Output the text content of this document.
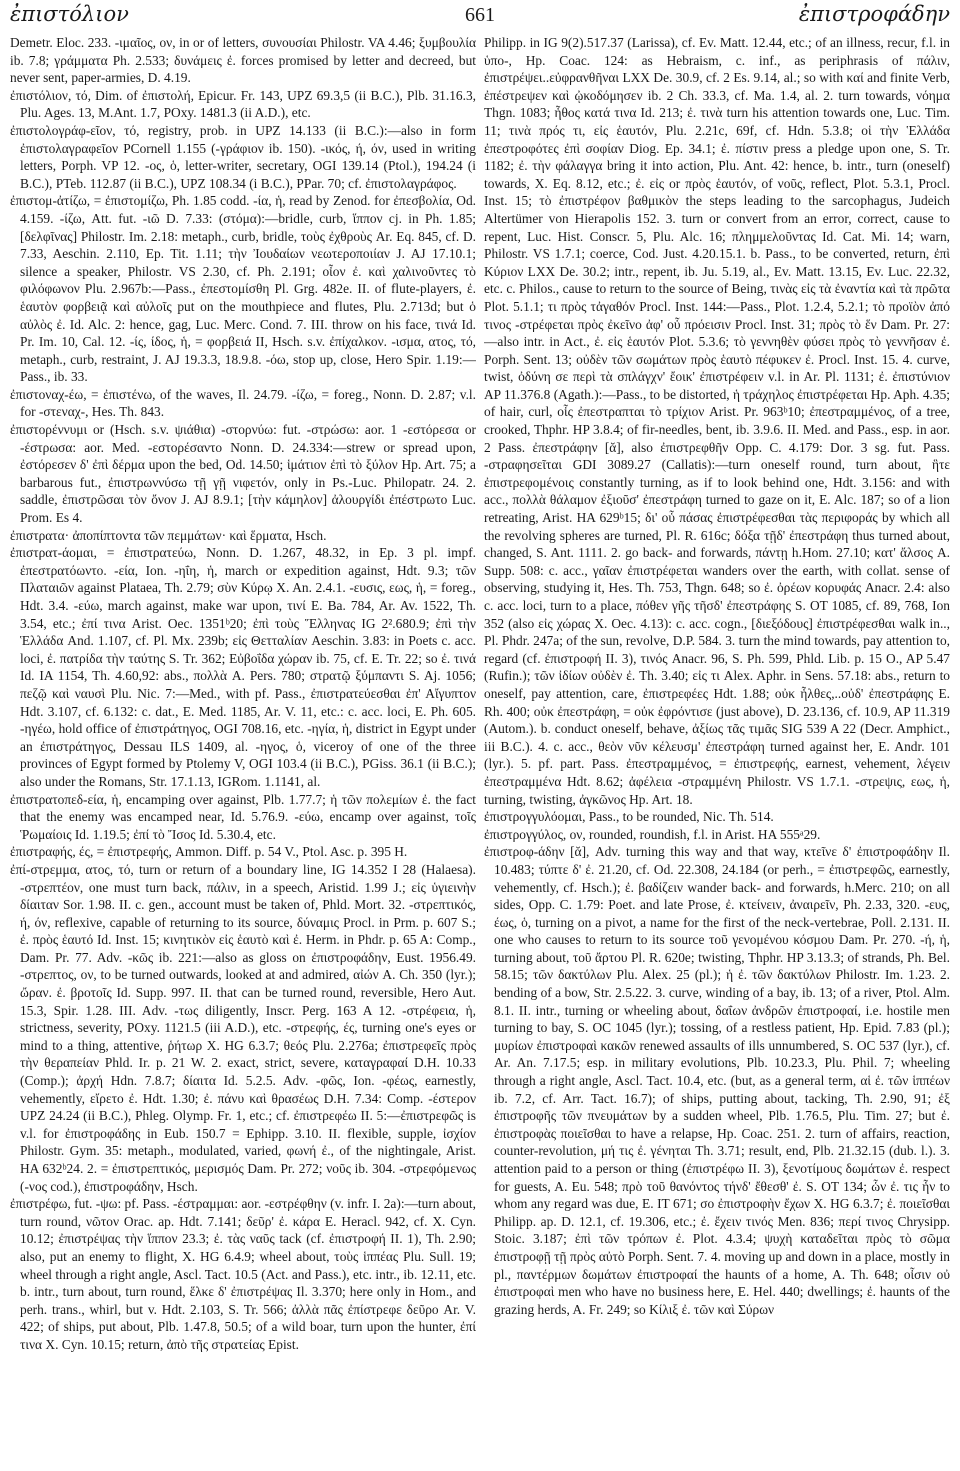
ἐπιστόλιον	661	ἐπιστροφάδην

Demetr. Eloc. 233. -ιμαῖος, ον, in or of letters, συνουσίαι Philostr. VA 4.46; ξυμβουλία ib. 7.8; γράμματα Ph. 2.533; δυνάμεις ἐ. forces promised by letter and decreed, but never sent, paper-armies, D. 4.19.

ἐπιστόλιον, τό, Dim. of ἐπιστολή, Epicur. Fr. 143, UPZ 69.3,5 (ii B.C.), Plb. 31.16.3, Plu. Ages. 13, M.Ant. 1.7, POxy. 1481.3 (ii A.D.), etc.

ἐπιστολογράφ-εῖον, τό, registry, prob. in UPZ 14.133 (ii B.C.):—also in form ἐπιστολαγραφεῖον PCornell 1.155 (-γράφιον ib. 150). -ικός, ή, όν, used in writing letters, Porph. VP 12. -ος, ὁ, letter-writer, secretary, OGI 139.14 (Ptol.), 194.24 (i B.C.), PTeb. 112.87 (ii B.C.), UPZ 108.34 (i B.C.), PPar. 70; cf. ἐπιστολαγράφος.

ἐπιστομ-ἀτίζω, = ἐπιστομίζω, Ph. 1.85 codd. -ία, ἡ, read by Zenod. for ἐπεσβολία, Od. 4.159. -ίζω, Att. fut. -ιῶ D. 7.33: (στόμα):—bridle, curb, ἵππον cj. in Ph. 1.85; [δελφῖνας] Philostr. Im. 2.18: metaph., curb, bridle, τοὺς ἐχθροὺς Ar. Eq. 845, cf. D. 7.33, Aeschin. 2.110, Ep. Tit. 1.11; τὴν Ἰουδαίων νεωτεροποιίαν J. AJ 17.10.1; silence a speaker, Philostr. VS 2.30, cf. Ph. 2.191; οἶον ἐ. καὶ χαλινοῦντες τὸ φιλόφωνον Plu. 2.967b:—Pass., ἐπεστομίσθη Pl. Grg. 482e. II. of flute-players, ἐ. ἑαυτὸν φορβειᾷ καὶ αὐλοῖς put on the mouthpiece and flutes, Plu. 2.713d; but ὁ αὐλὸς ἐ. Id. Alc. 2: hence, gag, Luc. Merc. Cond. 7. III. throw on his face, τινά Id. Pr. Im. 10, Cal. 12. -ίς, ίδος, ἡ, = φορβειά II, Hsch. s.v. ἐπίχαλκον. -ισμα, ατος, τό, metaph., curb, restraint, J. AJ 19.3.3, 18.9.8. -όω, stop up, close, Hero Spir. 1.19:—Pass., ib. 33.

ἐπιστοναχ-έω, = ἐπιστένω, of the waves, Il. 24.79. -ίζω, = foreg., Nonn. D. 2.87; v.l. for -στεναχ-, Hes. Th. 843.

ἐπιστορέννυμι or (Hsch. s.v. ψιάθια) -στορνύω: fut. -στρώσω: aor. 1 -εστόρεσα or -έστρωσα: aor. Med. -εστορέσαντο Nonn. D. 24.334:—strew or spread upon, ἐστόρεσεν δ' ἐπὶ δέρμα upon the bed, Od. 14.50; ἱμάτιον ἐπὶ τὸ ξύλον Hp. Art. 75; a barbarous fut., ἐπιστρωννύσω τῇ γῇ νιφετόν, only in Ps.-Luc. Philopatr. 24. 2. saddle, ἐπιστρῶσαι τὸν ὄνον J. AJ 8.9.1; [τὴν κάμηλον] ἀλουργίδι ἐπέστρωτο Luc. Prom. Es 4.

ἐπιστρατα· ἀποπίπτοντα τῶν πεμμάτων· καὶ ἕρματα, Hsch.

ἐπιστρατ-άομαι, = ἐπιστρατεύω, Nonn. D. 1.267, 48.32, in Ep. 3 pl. impf. ἐπεστρατόωντο. -εία, Ion. -ηΐη, ἡ, march or expedition against, Hdt. 9.3; τῶν Πλαταιῶν against Plataea, Th. 2.79; σὺν Κύρῳ X. An. 2.4.1. -ευσις, εως, ἡ, = foreg., Hdt. 3.4. -εύω, march against, make war upon, τινί E. Ba. 784, Ar. Av. 1522, Th. 3.54, etc.; ἐπί τινα Arist. Oec. 1351ᵇ20; ἐπὶ τοὺς Ἕλληνας IG 2².680.9; ἐπὶ τὴν Ἑλλάδα And. 1.107, cf. Pl. Mx. 239b; εἰς Θετταλίαν Aeschin. 3.83: in Poets c. acc. loci, ἐ. πατρίδα τὴν ταύτης S. Tr. 362; Εὐβοΐδα χώραν ib. 75, cf. E. Tr. 22; so ἐ. τινά Id. IA 1154, Th. 4.60,92: abs., πολλὰ A. Pers. 780; στρατῷ ξύμπαντι S. Aj. 1056; πεζῷ καὶ ναυσὶ Plu. Nic. 7:—Med., with pf. Pass., ἐπιστρατεύεσθαι ἐπ' Αἴγυπτον Hdt. 3.107, cf. 6.132: c. dat., E. Med. 1185, Ar. V. 11, etc.: c. acc. loci, E. Ph. 605. -ηγέω, hold office of ἐπιστράτηγος, OGI 708.16, etc. -ηγία, ἡ, district in Egypt under an ἐπιστράτηγος, Dessau ILS 1409, al. -ηγος, ὁ, viceroy of one of the three provinces of Egypt formed by Ptolemy V, OGI 103.4 (ii B.C.), PGiss. 36.1 (ii B.C.); also under the Romans, Str. 17.1.13, IGRom. 1.1141, al.

ἐπιστρατοπεδ-εία, ἡ, encamping over against, Plb. 1.77.7; ἡ τῶν πολεμίων ἐ. the fact that the enemy was encamped near, Id. 5.76.9. -εύω, encamp over against, τοῖς Ῥωμαίοις Id. 1.19.5; ἐπί τὸ Ἴσος Id. 5.30.4, etc.

ἐπιστραφής, ές, = ἐπιστρεφής, Ammon. Diff. p. 54 V., Ptol. Asc. p. 395 H.

ἐπί-στρεμμα, ατος, τό, turn or return of a boundary line, IG 14.352 I 28 (Halaesa). -στρεπτέον, one must turn back, πάλιν, in a speech, Aristid. 1.99 J.; εἰς ὑγιεινὴν δίαιταν Sor. 1.98. II. c. gen., account must be taken of, Phld. Mort. 32. -στρεπτικός, ή, όν, reflexive, capable of returning to its source, δύναμις Procl. in Prm. p. 607 S.; ἐ. πρὸς ἑαυτό Id. Inst. 15; κινητικὸν εἰς ἑαυτὸ καὶ ἐ. Herm. in Phdr. p. 65 A: Comp., Dam. Pr. 77. Adv. -κῶς ib. 221:—also as gloss on ἐπιστροφάδην, Eust. 1956.49. -στρεπτος, ον, to be turned outwards, looked at and admired, αἰών A. Ch. 350 (lyr.); ὤραν. ἐ. βροτοῖς Id. Supp. 997. II. that can be turned round, reversible, Hero Aut. 15.3, Spir. 1.28. III. Adv. -τως diligently, Inscr. Perg. 163 A 12. -στρέφεια, ἡ, strictness, severity, POxy. 1121.5 (iii A.D.), etc. -στρεφής, ές, turning one's eyes or mind to a thing, attentive, ῥήτωρ X. HG 6.3.7; θεός Plu. 2.276a; ἐπιστρεφεῖς πρὸς τὴν θεραπείαν Phld. Ir. p. 21 W. 2. exact, strict, severe, καταγραφαί D.H. 10.33 (Comp.); ἀρχή Hdn. 7.8.7; δίαιτα Id. 5.2.5. Adv. -φῶς, Ion. -φέως, earnestly, vehemently, εἴρετο ἐ. Hdt. 1.30; ἐ. πάνυ καὶ θρασέως D.H. 7.34: Comp. -έστερον UPZ 24.24 (ii B.C.), Phleg. Olymp. Fr. 1, etc.; cf. ἐπιστρεφέω II. 5:—ἐπιστρεφῶς is v.l. for ἐπιστροφάδης in Eub. 150.7 = Ephipp. 3.10. II. flexible, supple, ἰσχίον Philostr. Gym. 35: metaph., modulated, varied, φωνή ἐ., of the nightingale, Arist. HA 632ᵇ24. 2. = ἐπιστρεπτικός, μερισμός Dam. Pr. 272; νοῦς ib. 304. -στρεφόμενως (-νος cod.), ἐπιστροφάδην, Hsch.

ἐπιστρέφω, fut. -ψω: pf. Pass. -έστραμμαι: aor. -εστρέφθην (v. infr. I. 2a):—turn about, turn round, νῶτον Orac. ap. Hdt. 7.141; δεῦρ' ἐ. κάρα E. Heracl. 942, cf. X. Cyn. 10.12; ἐπιστρέψας τὴν ἵππον 23.3; ἐ. τὰς ναῦς tack (cf. ἐπιστροφή II. 1), Th. 2.90; also, put an enemy to flight, X. HG 6.4.9; wheel about, τοὺς ἱππέας Plu. Sull. 19; wheel through a right angle, Ascl. Tact. 10.5 (Act. and Pass.), etc. intr., ib. 12.11, etc. b. intr., turn about, turn round, ἕλκε δ' ἐπιστρέψας Il. 3.370; here only in Hom., and perh. trans., whirl, but v. Hdt. 2.103, S. Tr. 566; ἀλλὰ πᾶς ἐπίστρεφε δεῦρο Ar. V. 422; of ships, put about, Plb. 1.47.8, 50.5; of a wild boar, turn upon the hunter, ἐπί τινα X. Cyn. 10.15; return, ἀπὸ τῆς στρατείας Epist.

Philipp. in IG 9(2).517.37 (Larissa), cf. Ev. Matt. 12.44, etc.; of an illness, recur, f.l. in ὑπο-, Hp. Coac. 124: as Hebraism, c. inf., as periphrasis of πάλιν, ἐπιστρέψει..εὐφρανθῆναι LXX De. 30.9, cf. 2 Es. 9.14, al.; so with καί and finite Verb, ἐπέστρεψεν καὶ ᾠκοδόμησεν ib. 2 Ch. 33.3, cf. Ma. 1.4, al. 2. turn towards, νόημα Thgn. 1083; ἦθος κατά τινα Id. 213; ἐ. τινὰ turn his attention towards one, Luc. Tim. 11; τινὰ πρός τι, εἰς ἑαυτόν, Plu. 2.21c, 69f, cf. Hdn. 5.3.8; οἱ τὴν Ἑλλάδα ἐπεστροφότες ἐπὶ σοφίαν Diog. Ep. 34.1; ἐ. πίστιν press a pledge upon one, S. Tr. 1182; ἐ. τὴν φάλαγγα bring it into action, Plu. Ant. 42: hence, b. intr., turn (oneself) towards, X. Eq. 8.12, etc.; ἐ. εἰς or πρὸς ἑαυτόν, of νοῦς, reflect, Plot. 5.3.1, Procl. Inst. 15; τὸ ἐπιστρέφον βαθμικὸν the steps leading to the sarcophagus, Judeich Altertümer von Hierapolis 152. 3. turn or convert from an error, correct, cause to repent, Luc. Hist. Conscr. 5, Plu. Alc. 16; πλημμελοῦντας Id. Cat. Mi. 14; warn, Philostr. VS 1.7.1; coerce, Cod. Just. 4.20.15.1. b. Pass., to be converted, return, ἐπὶ Κύριον LXX De. 30.2; intr., repent, ib. Ju. 5.19, al., Ev. Matt. 13.15, Ev. Luc. 22.32, etc. c. Philos., cause to return to the source of Being, τινὰς εἰς τὰ ἐναντία καὶ τὰ πρῶτα Plot. 5.1.1; τι πρὸς τἀγαθόν Procl. Inst. 144:—Pass., Plot. 1.2.4, 5.2.1; τὸ προϊὸν ἀπό τινος -στρέφεται πρὸς ἐκεῖνο ἀφ' οὗ πρόεισιν Procl. Inst. 31; πρὸς τὸ ἕν Dam. Pr. 27:—also intr. in Act., ἐ. εἰς ἑαυτόν Plot. 5.3.6; τὸ γεννηθὲν φύσει πρὸς τὸ γεννῆσαν ἐ. Porph. Sent. 13; οὐδὲν τῶν σωμάτων πρὸς ἑαυτὸ πέφυκεν ἐ. Procl. Inst. 15. 4. curve, twist, ὀδύνη σε περὶ τὰ σπλάγχν' ἔοικ' ἐπιστρέφειν v.l. in Ar. Pl. 1131; ἐ. ἐπιστύνιον AP 11.376.8 (Agath.):—Pass., to be distorted, ἡ τράχηλος ἐπιστρέφεται Hp. Aph. 4.35; of hair, curl, οἷς ἐπεστραπται τὸ τρίχιον Arist. Pr. 963ᵇ10; ἐπεστραμμένος, of a tree, crooked, Thphr. HP 3.8.4; of fir-needles, bent, ib. 3.9.6. II. Med. and Pass., esp. in aor. 2 Pass. ἐπεστράφην [ᾰ], also ἐπιστρεφθῆν Opp. C. 4.179: Dor. 3 sg. fut. Pass. -στραφησεῖται GDI 3089.27 (Callatis):—turn oneself round, turn about, ἣτε ἐπιστρεφομένοις constantly turning, as if to look behind one, Hdt. 3.156: and with acc., πολλὰ θάλαμον ἐξιοῦσ' ἐπεστράφη turned to gaze on it, E. Alc. 187; so of a lion retreating, Arist. HA 629ᵇ15; δι' οὗ πάσας ἐπιστρέφεσθαι τὰς περιφοράς by which all the revolving spheres are turned, Pl. R. 616c; δόξα τῇδ' ἐπεστράφη thus turned about, changed, S. Ant. 1111. 2. go back- and forwards, πάντῃ h.Hom. 27.10; κατ' ἄλσος A. Supp. 508: c. acc., γαῖαν ἐπιστρέφεται wanders over the earth, with collat. sense of observing, studying it, Hes. Th. 753, Thgn. 648; so ἐ. ὀρέων κορυφάς Anacr. 2.4: also c. acc. loci, turn to a place, πόθεν γῆς τῆσδ' ἐπεστράφης S. OT 1085, cf. 89, 768, Ion 352 (also εἰς χώρας X. Oec. 4.13): c. acc. cogn., [διεξόδους] ἐπιστρέφεσθαι walk in.., Pl. Phdr. 247a; of the sun, revolve, D.P. 584. 3. turn the mind towards, pay attention to, regard (cf. ἐπιστροφή II. 3), τινός Anacr. 96, S. Ph. 599, Phld. Lib. p. 15 O., AP 5.47 (Rufin.); τῶν ἰδίων οὐδὲν ἐ. Th. 3.40; εἰς τι Alex. Aphr. in Sens. 57.18: abs., return to oneself, pay attention, care, ἐπιστρεφέες Hdt. 1.88; οὐκ ἦλθες,..οὐδ' ἐπεστράφης E. Rh. 400; οὐκ ἐπεστράφη, = οὐκ ἐφρόντισε (just above), D. 23.136, cf. 10.9, AP 11.319 (Autom.). b. conduct oneself, behave, ἀξίως τᾶς τιμᾶς SIG 539 A 22 (Decr. Amphict., iii B.C.). 4. c. acc., θεὸν νῦν κέλευσμ' ἐπεστράφη turned against her, E. Andr. 101 (lyr.). 5. pf. part. Pass. ἐπεστραμμένος, = ἐπιστρεφής, earnest, vehement, λέγειν ἐπεστραμμένα Hdt. 8.62; ἀφέλεια -στραμμένη Philostr. VS 1.7.1. -στρεψις, εως, ἡ, turning, twisting, ἀγκῶνος Hp. Art. 18.

ἐπιστρογγυλόομαι, Pass., to be rounded, Nic. Th. 514.

ἐπιστρογγύλος, ον, rounded, roundish, f.l. in Arist. HA 555ᵃ29.

ἐπιστροφ-άδην [ᾰ], Adv. turning this way and that way, κτεῖνε δ' ἐπιστροφάδην Il. 10.483; τύπτε δ' ἐ. 21.20, cf. Od. 22.308, 24.184 (or perh., = ἐπιστρεφῶς, earnestly, vehemently, cf. Hsch.); ἐ. βαδίζειν wander back- and forwards, h.Merc. 210; on all sides, Opp. C. 1.79: Poet. and late Prose, ἐ. κτείνειν, ἀναιρεῖν, Ph. 2.33, 320. -ευς, έως, ὁ, turning on a pivot, a name for the first of the neck-vertebrae, Poll. 2.131. II. one who causes to return to its source τοῦ γενομένου κόσμου Dam. Pr. 270. -ή, ἡ, turning about, τοῦ ἄρτου Pl. R. 620e; twisting, Thphr. HP 3.13.3; of strands, Ph. Bel. 58.15; τῶν δακτύλων Plu. Alex. 25 (pl.); ἡ ἐ. τῶν δακτύλων Philostr. Im. 1.23. 2. bending of a bow, Str. 2.5.22. 3. curve, winding of a bay, ib. 13; of a river, Ptol. Alm. 8.1. II. intr., turning or wheeling about, δαΐων ἀνδρῶν ἐπιστροφαί, i.e. hostile men turning to bay, S. OC 1045 (lyr.); tossing, of a restless patient, Hp. Epid. 7.83 (pl.); μυρίων ἐπιστροφαὶ κακῶν renewed assaults of ills unnumbered, S. OC 537 (lyr.), cf. Ar. An. 7.17.5; esp. in military evolutions, Plb. 10.23.3, Plu. Phil. 7; wheeling through a right angle, Ascl. Tact. 10.4, etc. (but, as a general term, αἱ ἐ. τῶν ἱππέων ib. 7.2, cf. Arr. Tact. 16.7); of ships, putting about, tacking, Th. 2.90, 91; ἐξ ἐπιστροφῆς τῶν πνευμάτων by a sudden wheel, Plb. 1.76.5, Plu. Tim. 27; but ἐ. ἐπιστροφὰς ποιεῖσθαι to have a relapse, Hp. Coac. 251. 2. turn of affairs, reaction, counter-revolution, μή τις ἐ. γένηται Th. 3.71; result, end, Plb. 21.32.15 (dub. l.). 3. attention paid to a person or thing (ἐπιστρέφω II. 3), ξενοτίμους δωμάτων ἐ. respect for guests, A. Eu. 548; πρὸ τοῦ θανόντος τήνδ' ἔθεσθ' ἐ. S. OT 134; ὧν ἐ. τις ἦν to whom any regard was due, E. IT 671; σο ἐπιστροφὴν ἔχων X. HG 6.3.7; ἐ. ποιεῖσθαι Philipp. ap. D. 12.1, cf. 19.306, etc.; ἐ. ἔχειν τινός Men. 836; περί τινος Chrysipp. Stoic. 3.187; ἐπὶ τῶν τρόπων ἐ. Plot. 4.3.4; ψυχὴ καταδεῖται πρὸς τὸ σῶμα ἐπιστροφῇ τῇ πρὸς αὐτὸ Porph. Sent. 7. 4. moving up and down in a place, mostly in pl., παντέρμων δωμάτων ἐπιστροφαί the haunts of a home, A. Th. 648; οἷσιν οὐ ἐπιστροφαὶ men who have no business here, E. Hel. 440; dwellings; ἐ. haunts of the grazing herds, A. Fr. 249; so Κίλιξ ἐ. τῶν καὶ Σύρων
